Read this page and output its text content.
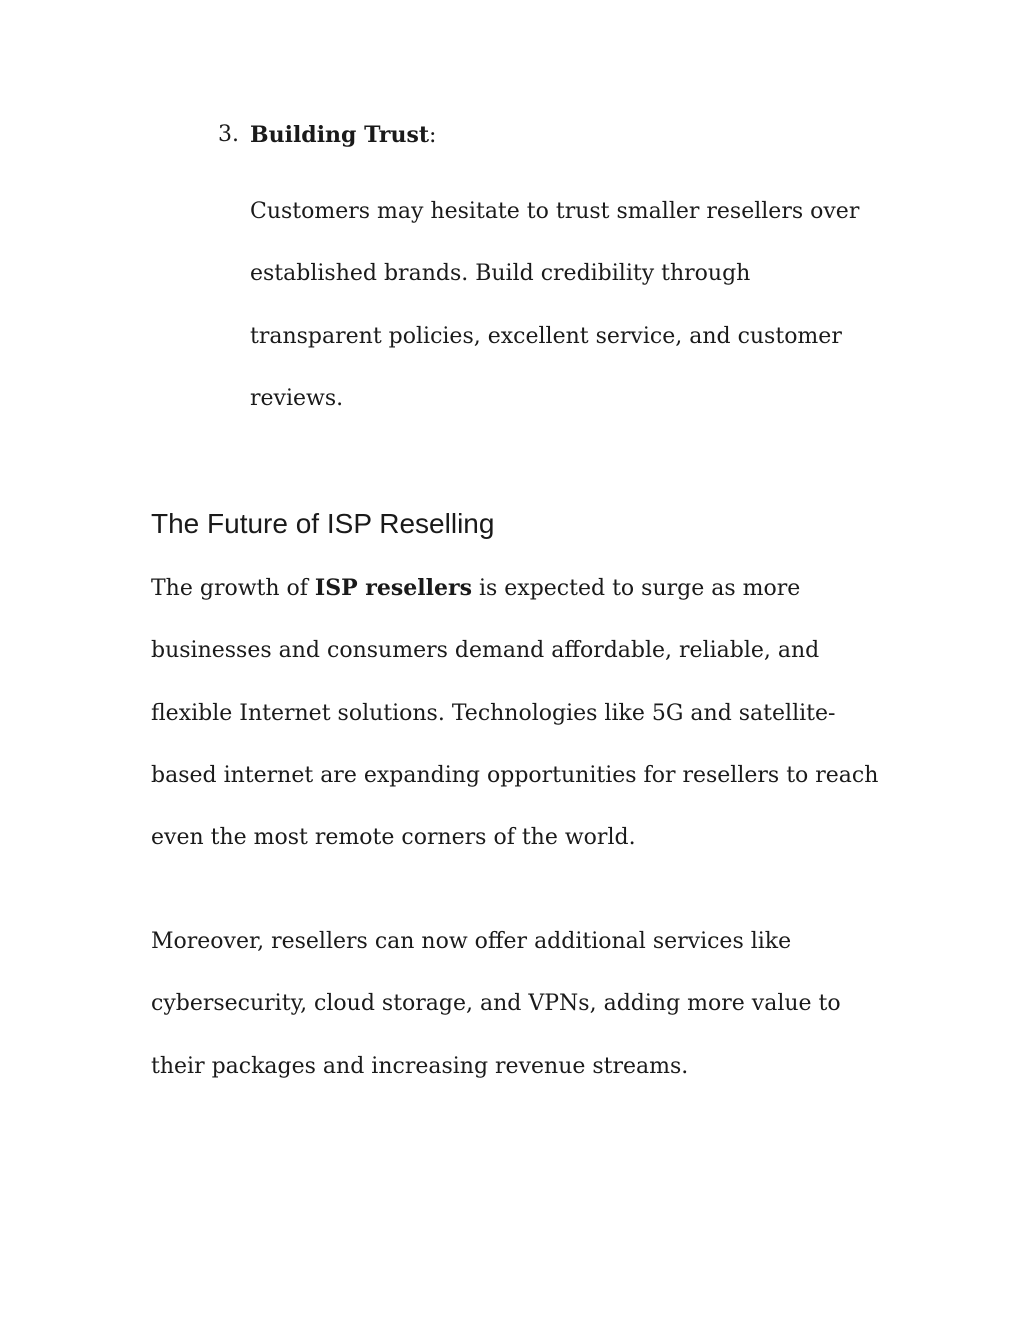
3. Building Trust:

Customers may hesitate to trust smaller resellers over established brands. Build credibility through transparent policies, excellent service, and customer reviews.

The Future of ISP Reselling

The growth of ISP resellers is expected to surge as more businesses and consumers demand affordable, reliable, and flexible Internet solutions. Technologies like 5G and satellite-based internet are expanding opportunities for resellers to reach even the most remote corners of the world.

Moreover, resellers can now offer additional services like cybersecurity, cloud storage, and VPNs, adding more value to their packages and increasing revenue streams.
